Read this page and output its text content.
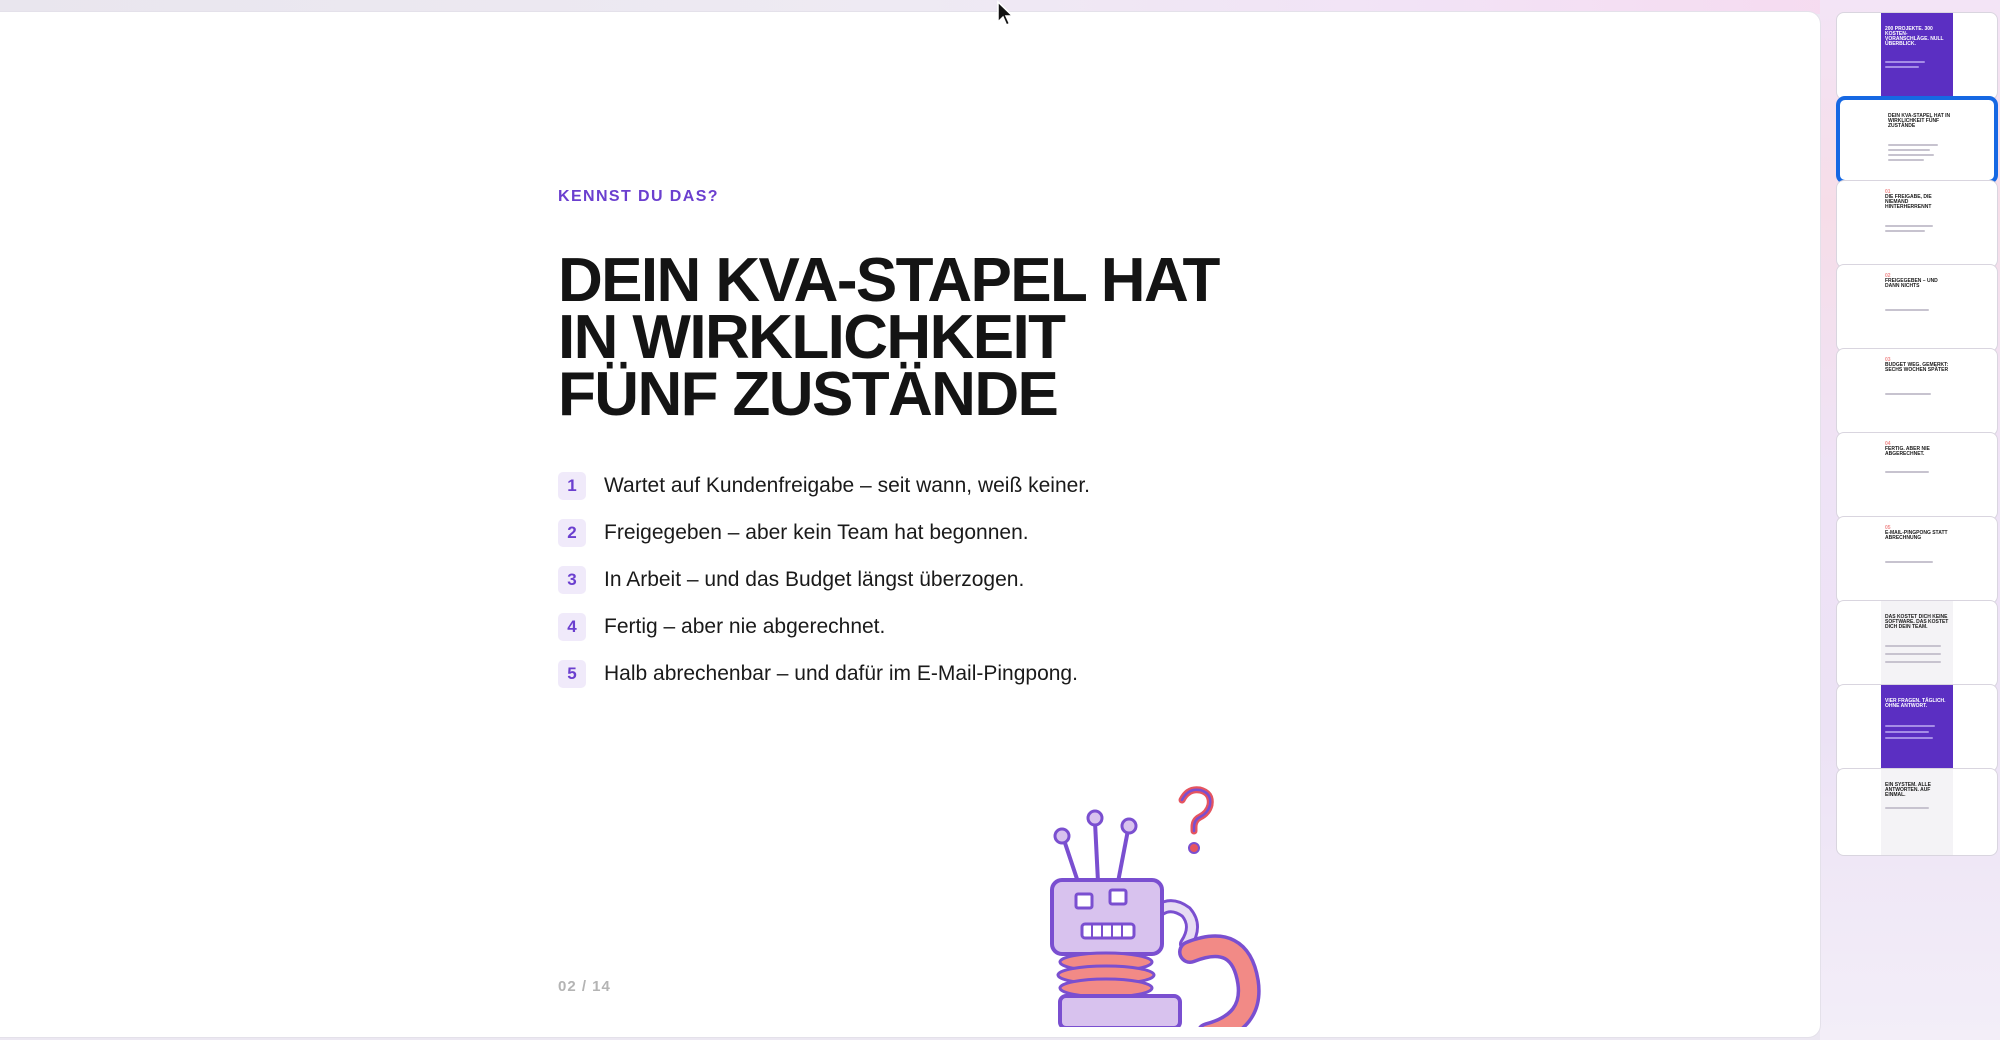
KENNST DU DAS?
DEIN KVA-STAPEL HAT
IN WIRKLICHKEIT
FÜNF ZUSTÄNDE
1	Wartet auf Kundenfreigabe – seit wann, weiß keiner.
2	Freigegeben – aber kein Team hat begonnen.
3	In Arbeit – und das Budget längst überzogen.
4	Fertig – aber nie abgerechnet.
5	Halb abrechenbar – und dafür im E-Mail-Pingpong.
02 / 14
200 PROJEKTE. 300 KOSTEN-VORANSCHLÄGE. NULL ÜBERBLICK.
DEIN KVA-STAPEL HAT IN WIRKLICHKEIT FÜNF ZUSTÄNDE
01
DIE FREIGABE, DIE NIEMAND HINTERHERRENNT
02
FREIGEGEBEN – UND DANN NICHTS
03
BUDGET WEG. GEMERKT: SECHS WOCHEN SPÄTER
04
FERTIG. ABER NIE ABGERECHNET.
05
E-MAIL-PINGPONG STATT ABRECHNUNG
DAS KOSTET DICH KEINE SOFTWARE. DAS KOSTET DICH DEIN TEAM.
VIER FRAGEN. TÄGLICH. OHNE ANTWORT.
EIN SYSTEM. ALLE ANTWORTEN. AUF EINMAL.
